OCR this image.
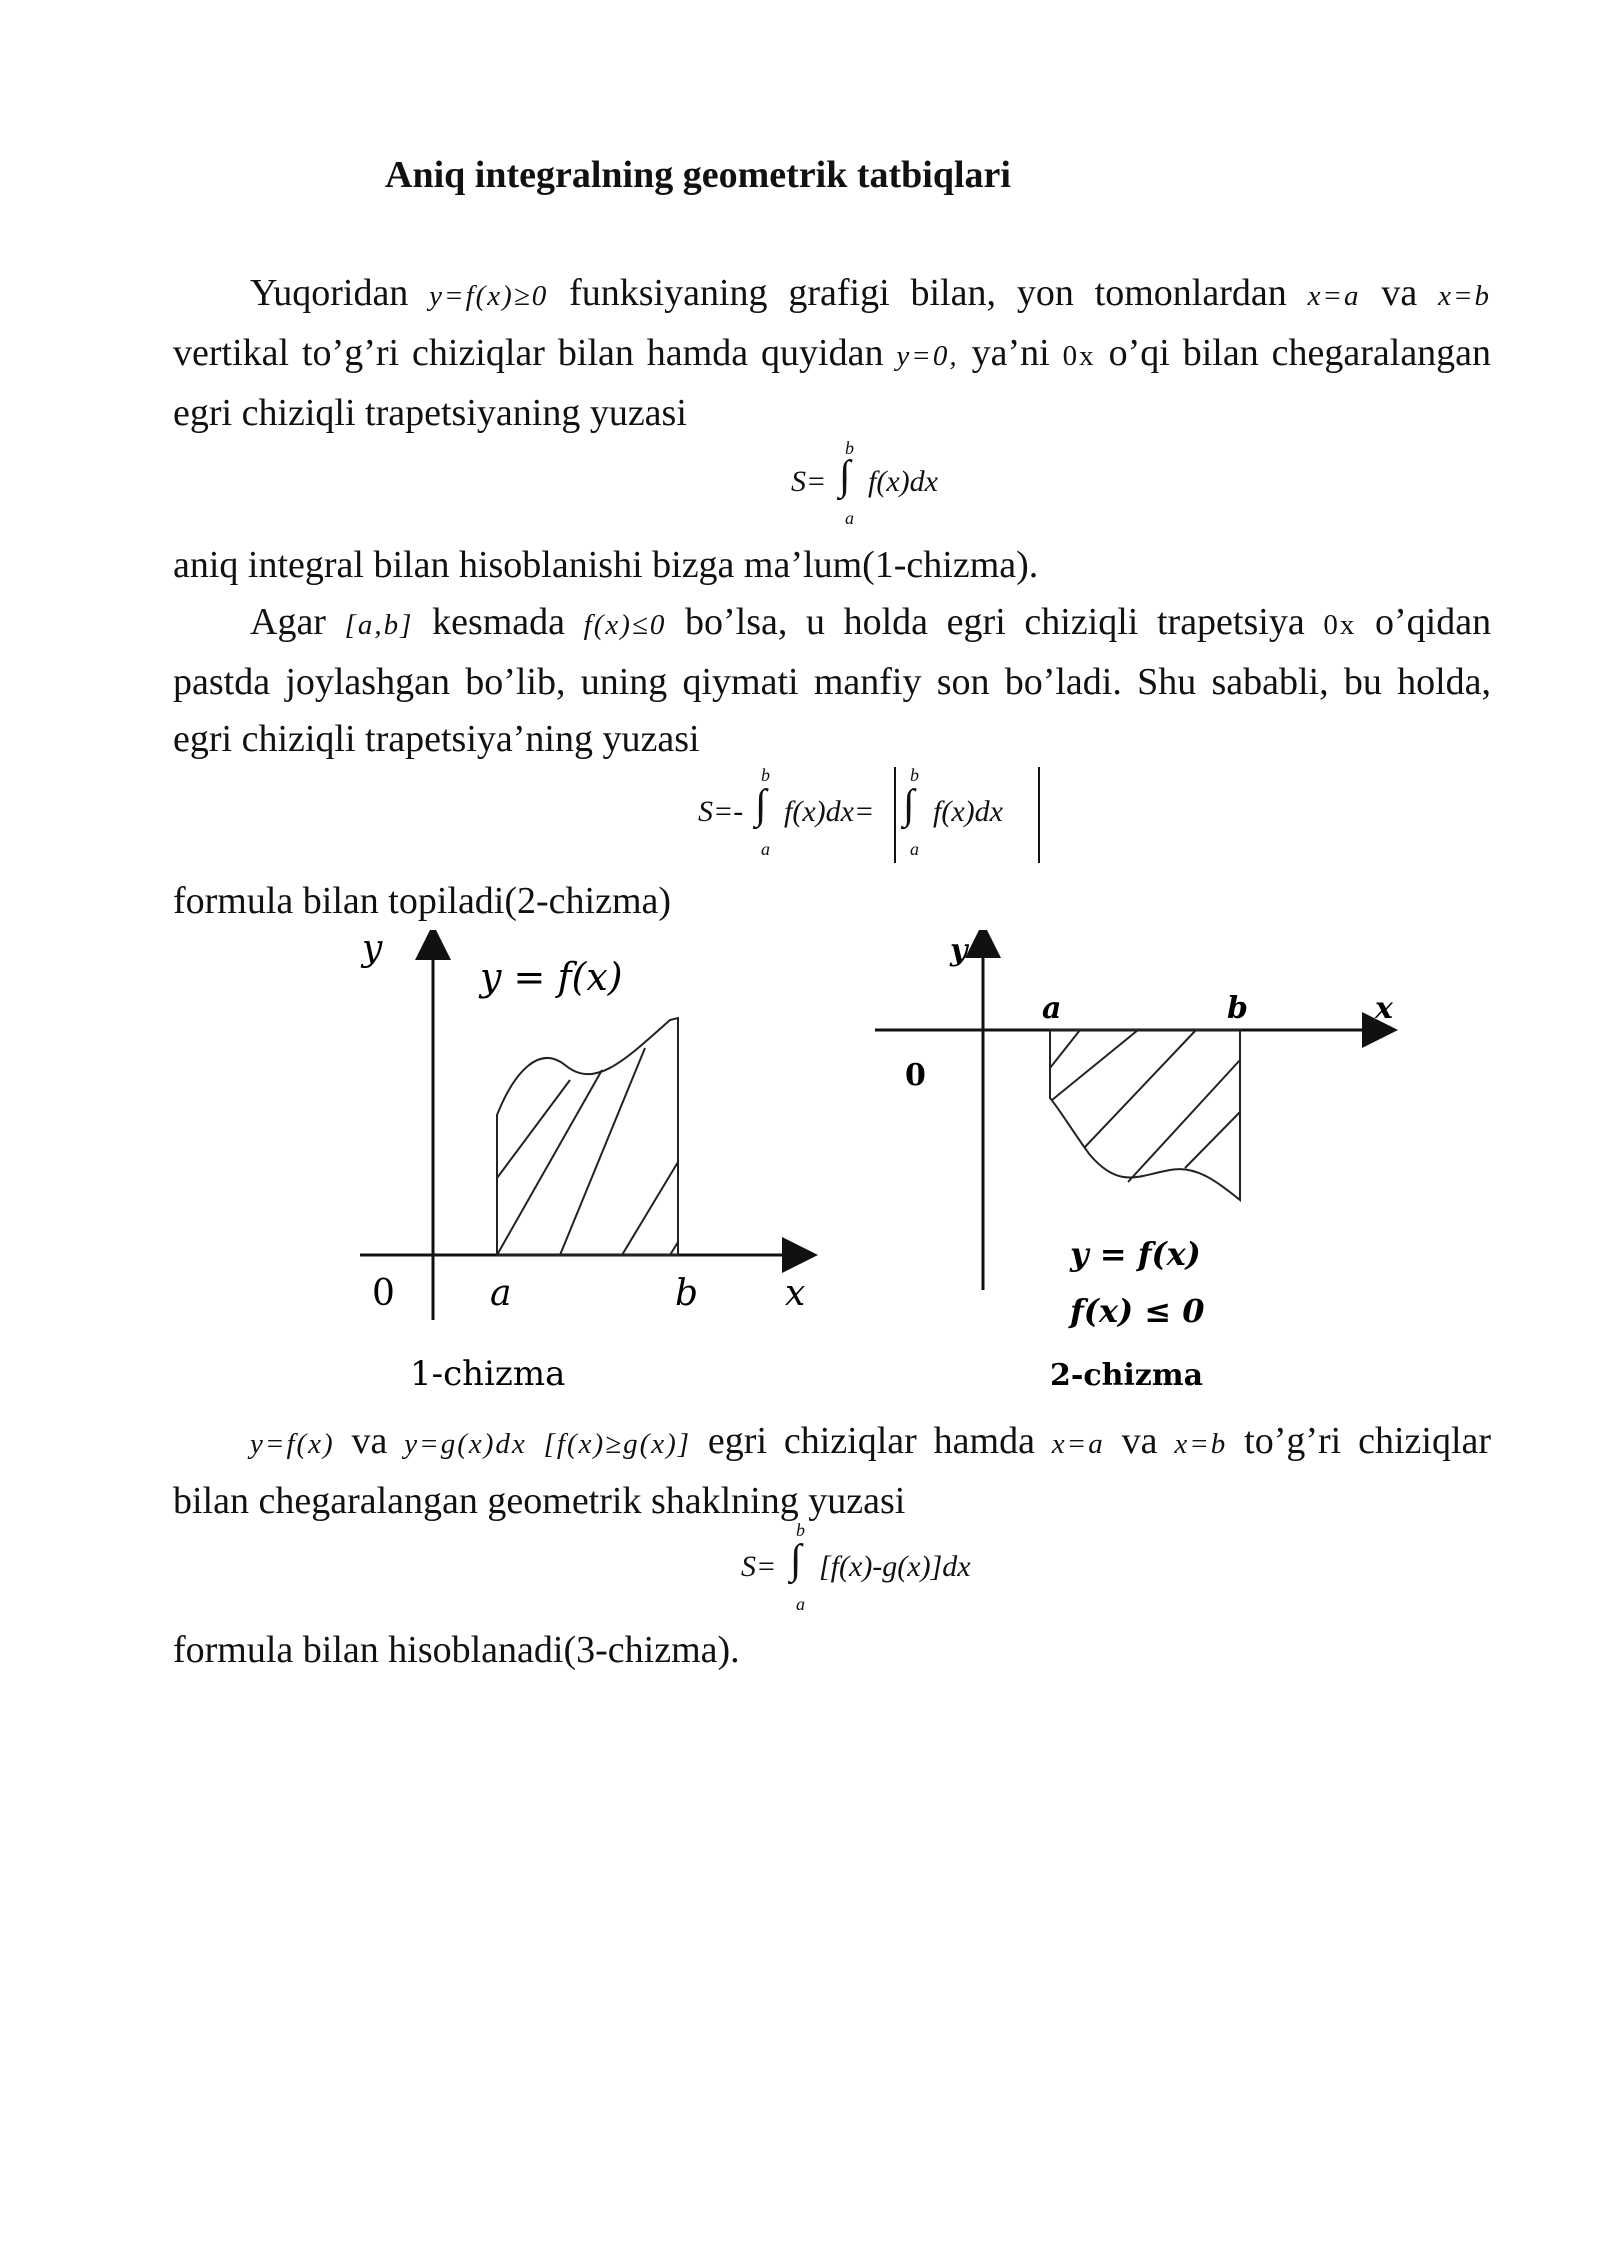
Aniq integralning geometrik tatbiqlari

Yuqoridan y=f(x)≥0 funksiyaning grafigi bilan, yon tomonlardan x=a va x=b vertikal to’g’ri chiziqlar bilan hamda quyidan y=0, ya’ni 0x o’qi bilan chegaralangan egri chiziqli trapetsiyaning yuzasi

S=
b
∫
a
f(x)dx

aniq integral bilan hisoblanishi bizga ma’lum(1-chizma).

Agar [a,b] kesmada f(x)≤0 bo’lsa, u holda egri chiziqli trapetsiya 0x o’qidan pastda joylashgan bo’lib, uning qiymati manfiy son bo’ladi. Shu sababli, bu holda, egri chiziqli trapetsiya’ning yuzasi

S=-
b
∫
a
f(x)dx=
b
∫
a
f(x)dx

formula bilan topiladi(2-chizma)

y=f(x) va y=g(x)dx [f(x)≥g(x)] egri chiziqlar hamda x=a va x=b to’g’ri chiziqlar bilan chegaralangan geometrik shaklning yuzasi

S=
b
∫
a
[f(x)-g(x)]dx

formula bilan hisoblanadi(3-chizma).

y
y = f(x)
0	a	b x
1-chizma
y
0
a	b	x
y = f(x)
f(x) ≤ 0
2-chizma
